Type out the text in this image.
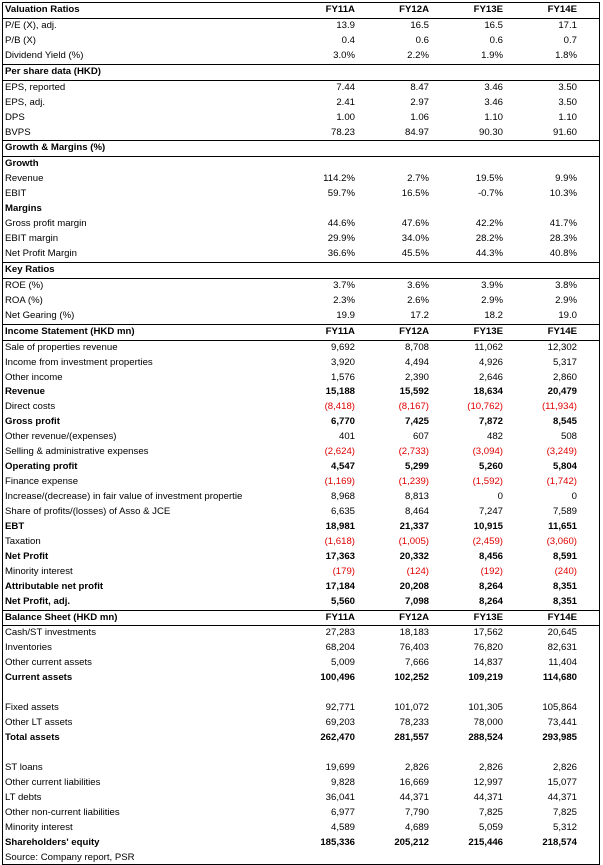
Valuation Ratios	FY11A	FY12A	FY13E	FY14E
P/E (X), adj.	13.9	16.5	16.5	17.1
P/B (X)	0.4	0.6	0.6	0.7
Dividend Yield (%)	3.0%	2.2%	1.9%	1.8%
Per share data (HKD)
EPS, reported	7.44	8.47	3.46	3.50
EPS, adj.	2.41	2.97	3.46	3.50
DPS	1.00	1.06	1.10	1.10
BVPS	78.23	84.97	90.30	91.60
Growth & Margins (%)
Growth
Revenue	114.2%	2.7%	19.5%	9.9%
EBIT	59.7%	16.5%	-0.7%	10.3%
Margins
Gross profit margin	44.6%	47.6%	42.2%	41.7%
EBIT margin	29.9%	34.0%	28.2%	28.3%
Net Profit Margin	36.6%	45.5%	44.3%	40.8%
Key Ratios
ROE (%)	3.7%	3.6%	3.9%	3.8%
ROA (%)	2.3%	2.6%	2.9%	2.9%
Net Gearing (%)	19.9	17.2	18.2	19.0
Income Statement (HKD mn)	FY11A	FY12A	FY13E	FY14E
Sale of properties revenue	9,692	8,708	11,062	12,302
Income from investment properties	3,920	4,494	4,926	5,317
Other income	1,576	2,390	2,646	2,860
Revenue	15,188	15,592	18,634	20,479
Direct costs	(8,418)	(8,167)	(10,762)	(11,934)
Gross profit	6,770	7,425	7,872	8,545
Other revenue/(expenses)	401	607	482	508
Selling & administrative expenses	(2,624)	(2,733)	(3,094)	(3,249)
Operating profit	4,547	5,299	5,260	5,804
Finance expense	(1,169)	(1,239)	(1,592)	(1,742)
Increase/(decrease) in fair value of investment propertie	8,968	8,813	0	0
Share of profits/(losses) of Asso & JCE	6,635	8,464	7,247	7,589
EBT	18,981	21,337	10,915	11,651
Taxation	(1,618)	(1,005)	(2,459)	(3,060)
Net Profit	17,363	20,332	8,456	8,591
Minority interest	(179)	(124)	(192)	(240)
Attributable net profit	17,184	20,208	8,264	8,351
Net Profit, adj.	5,560	7,098	8,264	8,351
Balance Sheet (HKD mn)	FY11A	FY12A	FY13E	FY14E
Cash/ST investments	27,283	18,183	17,562	20,645
Inventories	68,204	76,403	76,820	82,631
Other current assets	5,009	7,666	14,837	11,404
Current assets	100,496	102,252	109,219	114,680
Fixed assets	92,771	101,072	101,305	105,864
Other LT assets	69,203	78,233	78,000	73,441
Total assets	262,470	281,557	288,524	293,985
ST loans	19,699	2,826	2,826	2,826
Other current liabilities	9,828	16,669	12,997	15,077
LT debts	36,041	44,371	44,371	44,371
Other non-current liabilities	6,977	7,790	7,825	7,825
Minority interest	4,589	4,689	5,059	5,312
Shareholders' equity	185,336	205,212	215,446	218,574
Source: Company report, PSR
